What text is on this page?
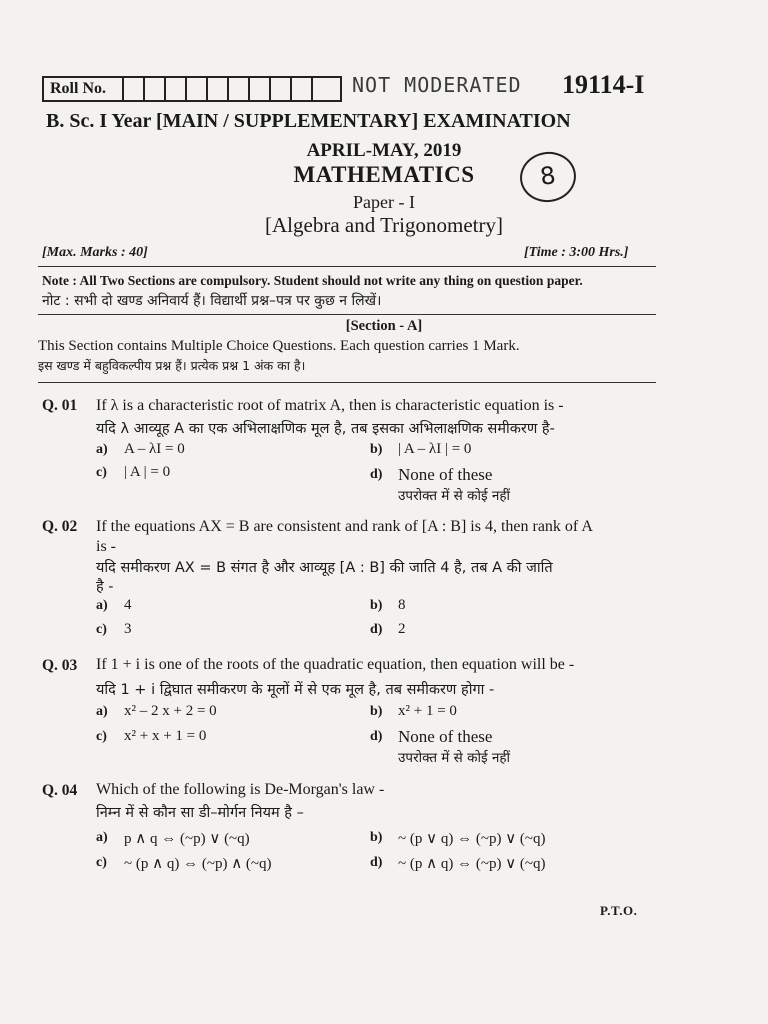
Roll No.	NOT MODERATED 19114-I
B. Sc. I Year [MAIN / SUPPLEMENTARY] EXAMINATION
APRIL-MAY, 2019
MATHEMATICS
Paper - I
[Algebra and Trigonometry]
8
[Max. Marks : 40]	[Time : 3:00 Hrs.]
Note : All Two Sections are compulsory. Student should not write any thing on question paper.
नोट : सभी दो खण्ड अनिवार्य हैं। विद्यार्थी प्रश्न–पत्र पर कुछ न लिखें।
[Section - A]
This Section contains Multiple Choice Questions. Each question carries 1 Mark.
इस खण्ड में बहुविकल्पीय प्रश्न हैं। प्रत्येक प्रश्न 1 अंक का है।
Q. 01 If λ is a characteristic root of matrix A, then is characteristic equation is -
यदि λ आव्यूह A का एक अभिलाक्षणिक मूल है, तब इसका अभिलाक्षणिक समीकरण है-
a) A – λI = 0	b) | A – λI | = 0
c) | A | = 0	d) None of these
उपरोक्त में से कोई नहीं
Q. 02 If the equations AX = B are consistent and rank of [A : B] is 4, then rank of A
is -
यदि समीकरण AX = B संगत है और आव्यूह [A : B] की जाति 4 है, तब A की जाति
है -
a) 4	b) 8
c) 3	d) 2
Q. 03 If 1 + i is one of the roots of the quadratic equation, then equation will be -
यदि 1 + i द्विघात समीकरण के मूलों में से एक मूल है, तब समीकरण होगा -
a) x² – 2 x + 2 = 0	b) x² + 1 = 0
c) x² + x + 1 = 0	d) None of these
उपरोक्त में से कोई नहीं
Q. 04 Which of the following is De-Morgan's law -
निम्न में से कौन सा डी–मोर्गन नियम है –
a) p ∧ q ⇔ (~p) ∨ (~q)	b) ~ (p ∨ q) ⇔ (~p) ∨ (~q)
c) ~ (p ∧ q) ⇔ (~p) ∧ (~q)	d) ~ (p ∧ q) ⇔ (~p) ∨ (~q)
P.T.O.
